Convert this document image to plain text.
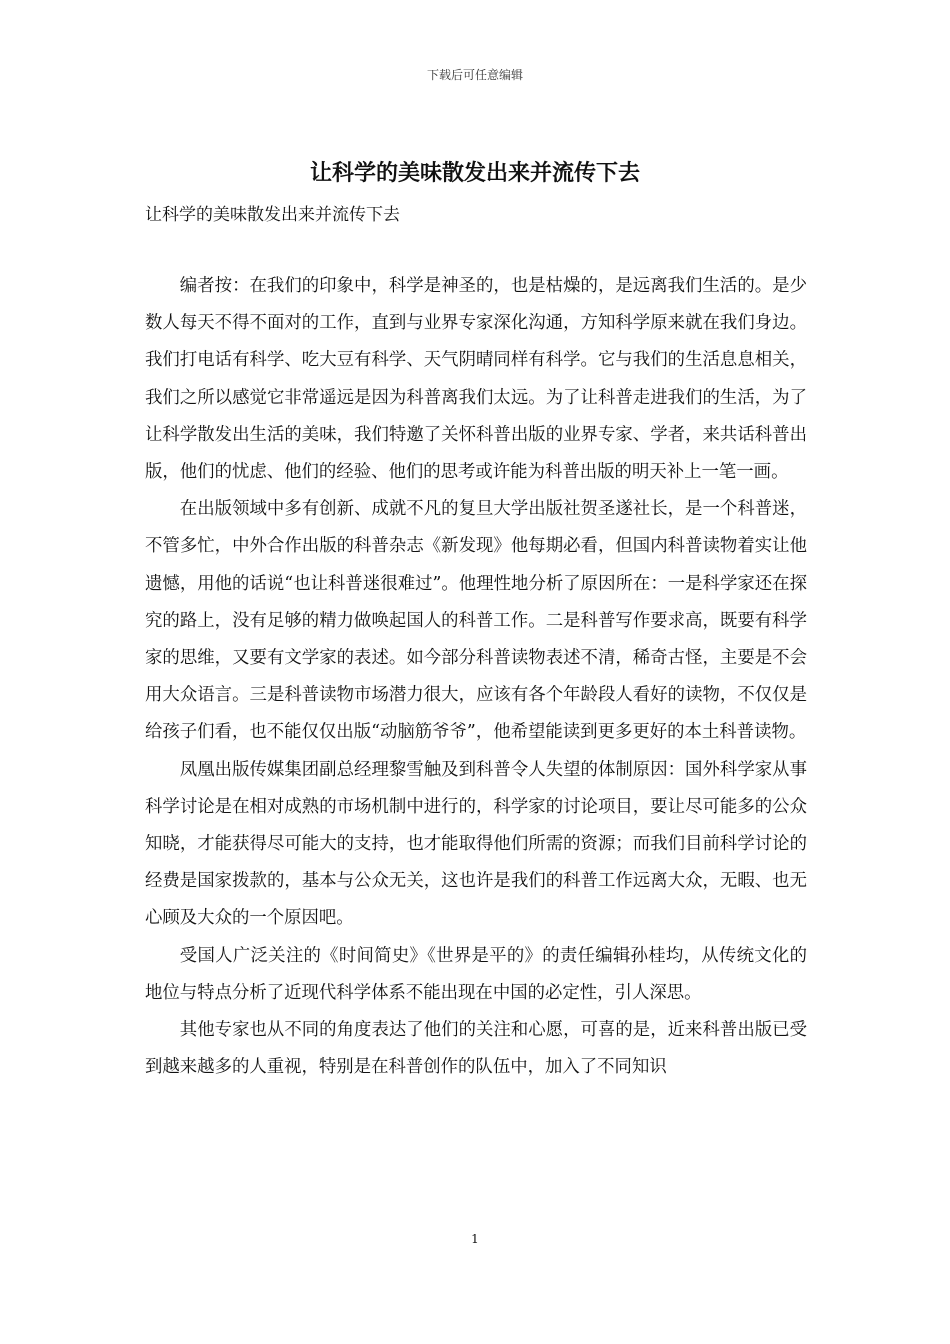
下载后可任意编辑
让科学的美味散发出来并流传下去

让科学的美味散发出来并流传下去

编者按：在我们的印象中，科学是神圣的，也是枯燥的，是远离我们生活的。是少数人每天不得不面对的工作，直到与业界专家深化沟通，方知科学原来就在我们身边。我们打电话有科学、吃大豆有科学、天气阴晴同样有科学。它与我们的生活息息相关，我们之所以感觉它非常遥远是因为科普离我们太远。为了让科普走进我们的生活，为了让科学散发出生活的美味，我们特邀了关怀科普出版的业界专家、学者，来共话科普出版，他们的忧虑、他们的经验、他们的思考或许能为科普出版的明天补上一笔一画。

在出版领域中多有创新、成就不凡的复旦大学出版社贺圣遂社长，是一个科普迷，不管多忙，中外合作出版的科普杂志《新发现》他每期必看，但国内科普读物着实让他遗憾，用他的话说“也让科普迷很难过”。他理性地分析了原因所在：一是科学家还在探究的路上，没有足够的精力做唤起国人的科普工作。二是科普写作要求高，既要有科学家的思维，又要有文学家的表述。如今部分科普读物表述不清，稀奇古怪，主要是不会用大众语言。三是科普读物市场潜力很大，应该有各个年龄段人看好的读物，不仅仅是给孩子们看，也不能仅仅出版“动脑筋爷爷”，他希望能读到更多更好的本土科普读物。

凤凰出版传媒集团副总经理黎雪触及到科普令人失望的体制原因：国外科学家从事科学讨论是在相对成熟的市场机制中进行的，科学家的讨论项目，要让尽可能多的公众知晓，才能获得尽可能大的支持，也才能取得他们所需的资源；而我们目前科学讨论的经费是国家拨款的，基本与公众无关，这也许是我们的科普工作远离大众，无暇、也无心顾及大众的一个原因吧。

受国人广泛关注的《时间简史》《世界是平的》的责任编辑孙桂均，从传统文化的地位与特点分析了近现代科学体系不能出现在中国的必定性，引人深思。

其他专家也从不同的角度表达了他们的关注和心愿，可喜的是，近来科普出版已受到越来越多的人重视，特别是在科普创作的队伍中，加入了不同知识

1
